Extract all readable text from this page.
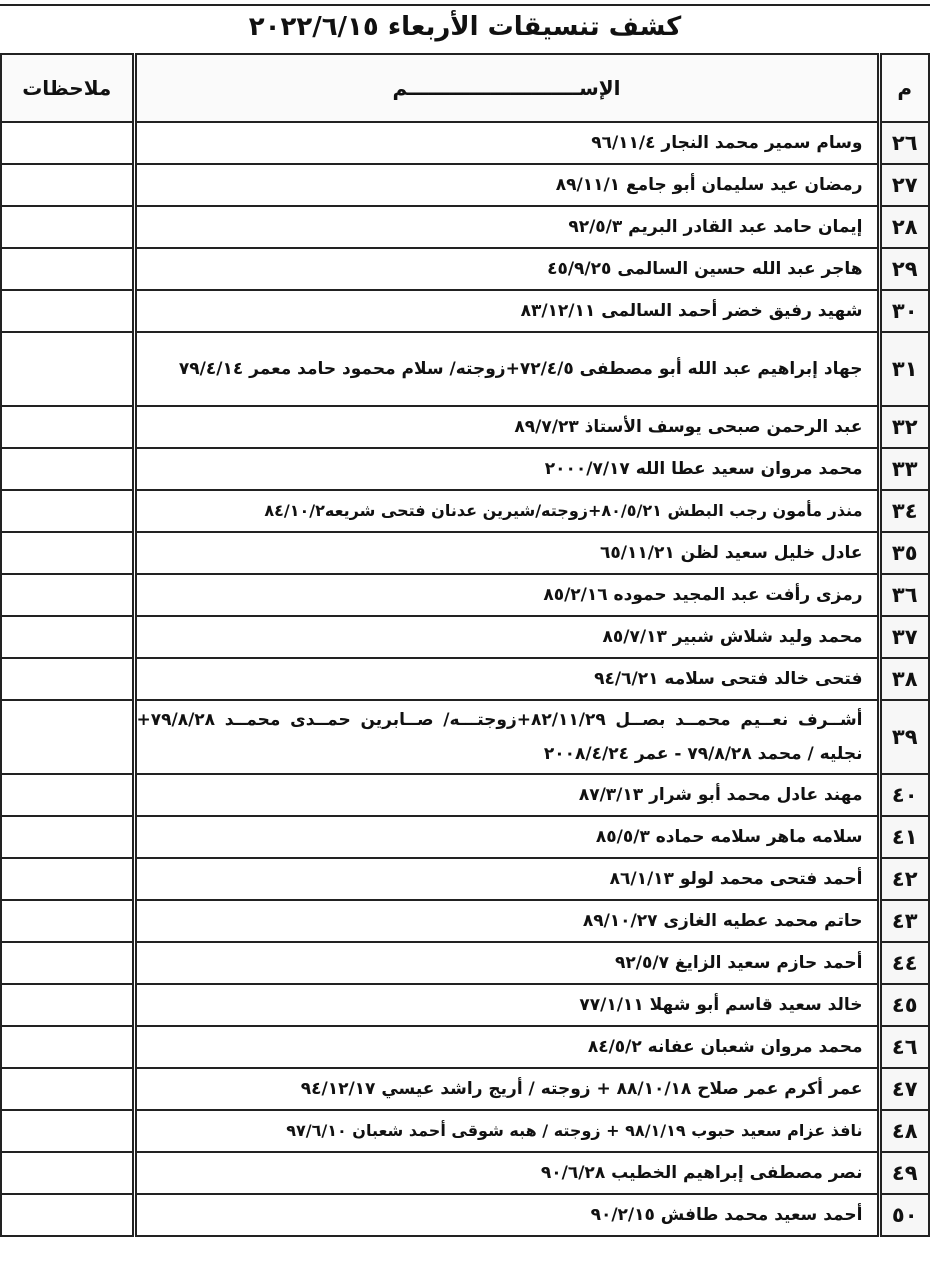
كشف تنسيقات الأربعاء ٢٠٢٢/٦/١٥
م	الإســـــــــــــــــــــــــم	ملاحظات
٢٦	وسام سمير محمد النجار ٩٦/١١/٤	
٢٧	رمضان عيد سليمان أبو جامع ٨٩/١١/١	
٢٨	إيمان حامد عبد القادر البريم ٩٢/٥/٣	
٢٩	هاجر عبد الله حسين السالمى ٤٥/٩/٢٥	
٣٠	شهيد رفيق خضر أحمد السالمى ٨٣/١٢/١١	
٣١	جهاد إبراهيم عبد الله أبو مصطفى ٧٢/٤/٥+زوجته/ سلام محمود حامد معمر ٧٩/٤/١٤	
٣٢	عبد الرحمن صبحى يوسف الأستاذ ٨٩/٧/٢٣	
٣٣	محمد مروان سعيد عطا الله ٢٠٠٠/٧/١٧	
٣٤	منذر مأمون رجب البطش ٨٠/٥/٢١+زوجته/شيرين عدنان فتحى شريعه٨٤/١٠/٢	
٣٥	عادل خليل سعيد لظن ٦٥/١١/٢١	
٣٦	رمزى رأفت عبد المجيد حموده ٨٥/٢/١٦	
٣٧	محمد وليد شلاش شبير ٨٥/٧/١٣	
٣٨	فتحى خالد فتحى سلامه ٩٤/٦/٢١	
٣٩	أشــرف نعــيم محمــد بصــل ٨٢/١١/٢٩+زوجتـــه/ صــابرين حمــدى محمــد ٧٩/٨/٢٨+ نجليه / محمد ٧٩/٨/٢٨ - عمر ٢٠٠٨/٤/٢٤	
٤٠	مهند عادل محمد أبو شرار ٨٧/٣/١٣	
٤١	سلامه ماهر سلامه حماده ٨٥/٥/٣	
٤٢	أحمد فتحى محمد لولو ٨٦/١/١٣	
٤٣	حاتم محمد عطيه الغازى ٨٩/١٠/٢٧	
٤٤	أحمد حازم سعيد الزايغ ٩٢/٥/٧	
٤٥	خالد سعيد قاسم أبو شهلا ٧٧/١/١١	
٤٦	محمد مروان شعبان عفانه ٨٤/٥/٢	
٤٧	عمر أكرم عمر صلاح ٨٨/١٠/١٨ + زوجته / أريج راشد عيسي ٩٤/١٢/١٧	
٤٨	نافذ عزام سعيد حبوب ٩٨/١/١٩ + زوجته / هبه شوقى أحمد شعبان ٩٧/٦/١٠	
٤٩	نصر مصطفى إبراهيم الخطيب ٩٠/٦/٢٨	
٥٠	أحمد سعيد محمد طافش ٩٠/٢/١٥	
